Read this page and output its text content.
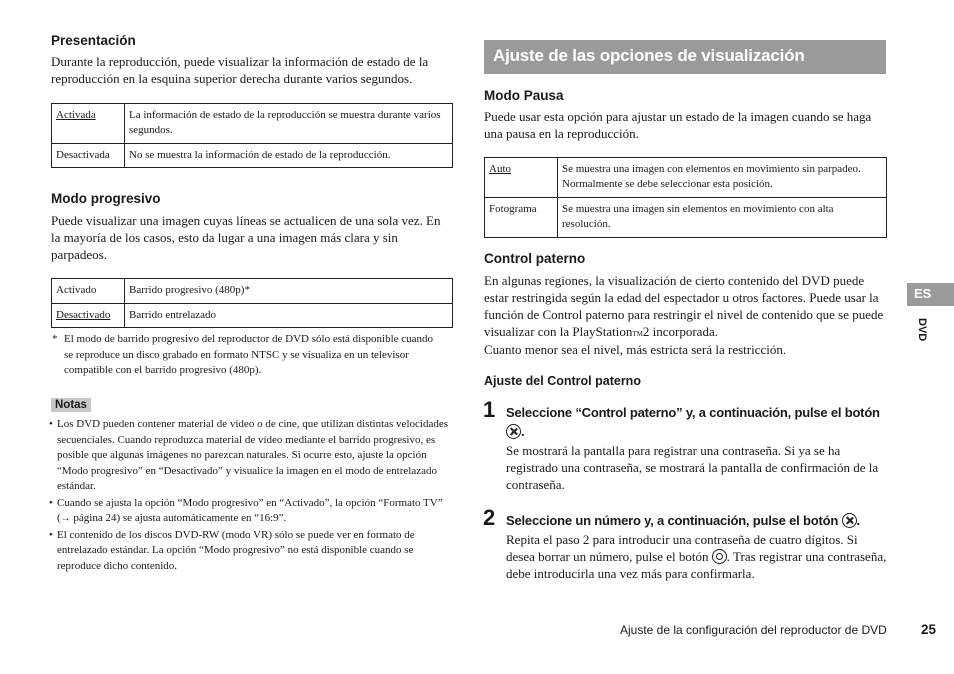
Presentación

Durante la reproducción, puede visualizar la información de estado de la reproducción en la esquina superior derecha durante varios segundos.

Activada	La información de estado de la reproducción se muestra durante varios segundos.
Desactivada	No se muestra la información de estado de la reproducción.
Modo progresivo

Puede visualizar una imagen cuyas líneas se actualicen de una sola vez. En la mayoría de los casos, esto da lugar a una imagen más clara y sin parpadeos.

Activado	Barrido progresivo (480p)*
Desactivado	Barrido entrelazado
* El modo de barrido progresivo del reproductor de DVD sólo está disponible cuando se reproduce un disco grabado en formato NTSC y se visualiza en un televisor compatible con el barrido progresivo (480p).

Notas
• Los DVD pueden contener material de vídeo o de cine, que utilizan distintas velocidades secuenciales. Cuando reproduzca material de vídeo mediante el barrido progresivo, es posible que algunas imágenes no parezcan naturales. Si ocurre esto, ajuste la opción “Modo progresivo” en “Desactivado” y visualice la imagen en el modo de entrelazado estándar.
• Cuando se ajusta la opción “Modo progresivo” en “Activado”, la opción “Formato TV” (→ página 24) se ajusta automáticamente en “16:9”.
• El contenido de los discos DVD-RW (modo VR) sólo se puede ver en formato de entrelazado estándar. La opción “Modo progresivo” no está disponible cuando se reproduce dicho contenido.
Ajuste de las opciones de visualización
Modo Pausa

Puede usar esta opción para ajustar un estado de la imagen cuando se haga una pausa en la reproducción.

Auto	Se muestra una imagen con elementos en movimiento sin parpadeo. Normalmente se debe seleccionar esta posición.
Fotograma	Se muestra una imagen sin elementos en movimiento con alta resolución.
Control paterno

En algunas regiones, la visualización de cierto contenido del DVD puede estar restringida según la edad del espectador u otros factores. Puede usar la función de Control paterno para restringir el nivel de contenido que se puede visualizar con la PlayStationTM2 incorporada.

Cuanto menor sea el nivel, más estricta será la restricción.

Ajuste del Control paterno
1 Seleccione “Control paterno” y, a continuación, pulse el botón .

Se mostrará la pantalla para registrar una contraseña. Si ya se ha registrado una contraseña, se mostrará la pantalla de confirmación de la contraseña.

2 Seleccione un número y, a continuación, pulse el botón .

Repita el paso 2 para introducir una contraseña de cuatro dígitos. Si desea borrar un número, pulse el botón . Tras registrar una contraseña, debe introducirla una vez más para confirmarla.

ES
DVD
Ajuste de la configuración del reproductor de DVD	25
